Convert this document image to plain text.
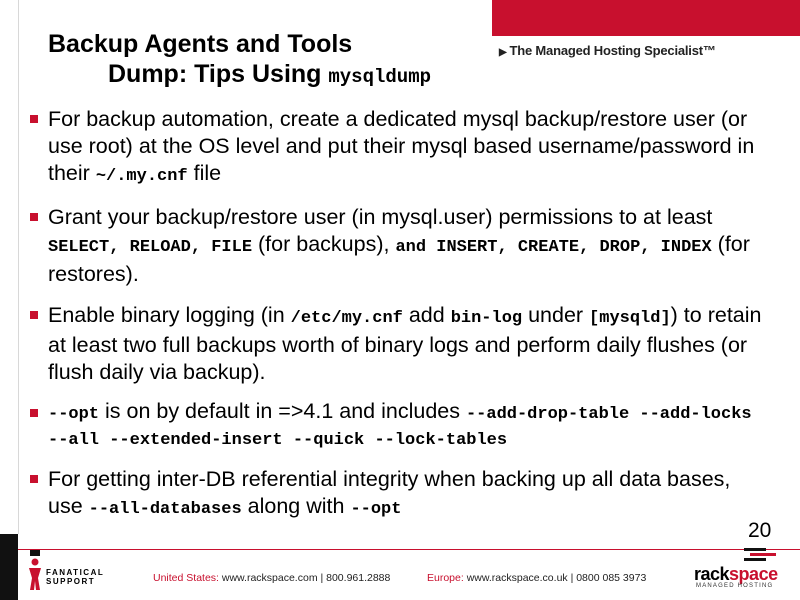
▶ The Managed Hosting Specialist™
Backup Agents and Tools
Dump: Tips Using mysqldump
For backup automation, create a dedicated mysql backup/restore user (or use root) at the OS level and put their mysql based username/password in their ~/.my.cnf file
Grant your backup/restore user (in mysql.user) permissions to at least SELECT, RELOAD, FILE (for backups), and INSERT, CREATE, DROP, INDEX (for restores).
Enable binary logging (in /etc/my.cnf add bin-log under [mysqld]) to retain at least two full backups worth of binary logs and perform daily flushes (or flush daily via backup).
--opt is on by default in =>4.1 and includes --add-drop-table --add-locks --all --extended-insert --quick --lock-tables
For getting inter-DB referential integrity when backing up all data bases, use --all-databases along with --opt
20
FANATICAL
SUPPORT	United States: www.rackspace.com | 800.961.2888	Europe: www.rackspace.co.uk | 0800 085 3973	rackspace
MANAGED HOSTING
